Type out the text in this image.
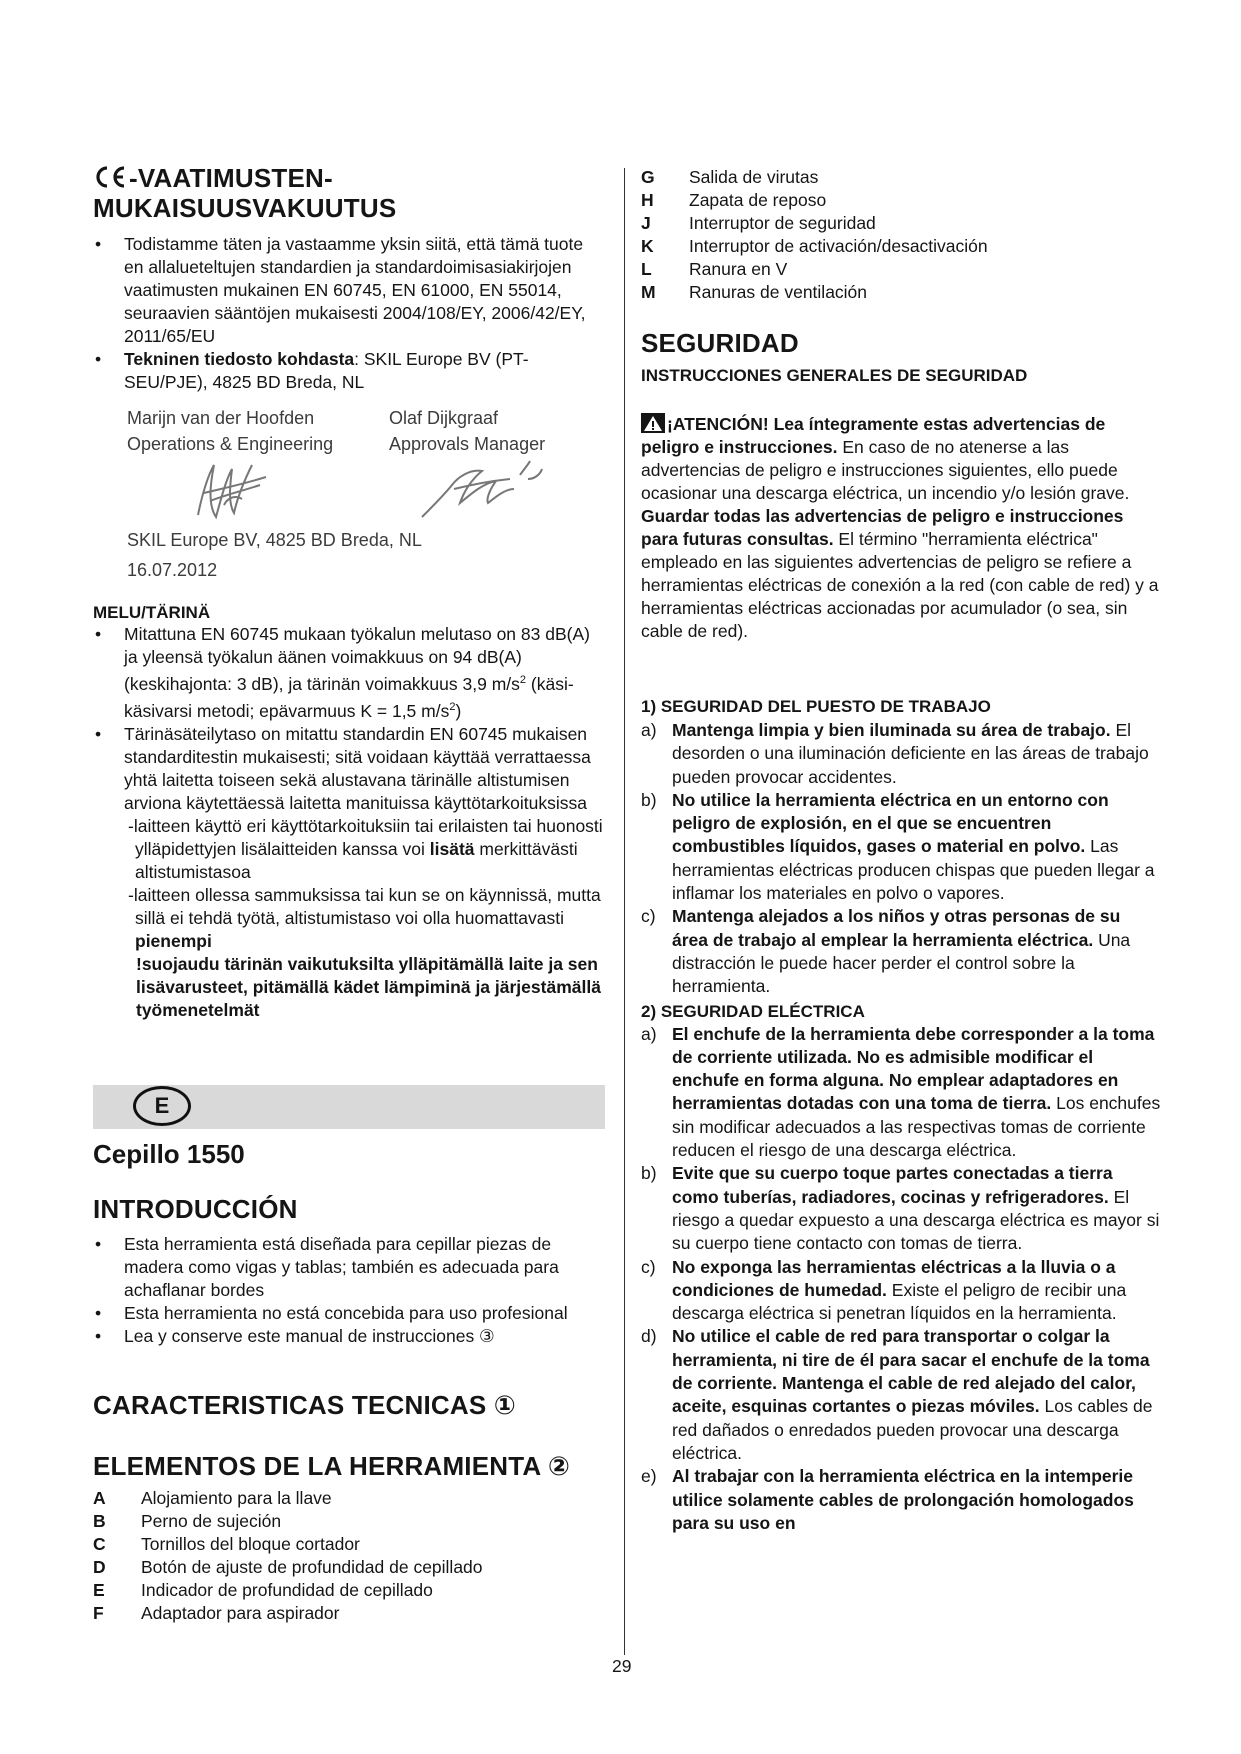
-VAATIMUSTEN-
MUKAISUUSVAKUUTUS
• Todistamme täten ja vastaamme yksin siitä, että tämä tuote en allalueteltujen standardien ja standardoimisasiakirjojen vaatimusten mukainen EN 60745, EN 61000, EN 55014, seuraavien sääntöjen mukaisesti 2004/108/EY, 2006/42/EY, 2011/65/EU
• Tekninen tiedosto kohdasta: SKIL Europe BV (PT-SEU/PJE), 4825 BD Breda, NL
Marijn van der Hoofden
Operations & Engineering
Olaf Dijkgraaf
Approvals Manager
SKIL Europe BV, 4825 BD Breda, NL
16.07.2012
MELU/TÄRINÄ
• Mitattuna EN 60745 mukaan työkalun melutaso on 83 dB(A) ja yleensä työkalun äänen voimakkuus on 94 dB(A) (keskihajonta: 3 dB), ja tärinän voimakkuus 3,9 $m/s^2$ (käsi-käsivarsi metodi; epävarmuus K = 1,5 $m/s^2$)
• Tärinäsäteilytaso on mitattu standardin EN 60745 mukaisen standarditestin mukaisesti; sitä voidaan käyttää verrattaessa yhtä laitetta toiseen sekä alustavana tärinälle altistumisen arviona käytettäessä laitetta manituissa käyttötarkoituksissa
-laitteen käyttö eri käyttötarkoituksiin tai erilaisten tai huonosti ylläpidettyjen lisälaitteiden kanssa voi lisätä merkittävästi altistumistasoa
-laitteen ollessa sammuksissa tai kun se on käynnissä, mutta sillä ei tehdä työtä, altistumistaso voi olla huomattavasti pienempi
!suojaudu tärinän vaikutuksilta ylläpitämällä laite ja sen lisävarusteet, pitämällä kädet lämpiminä ja järjestämällä työmenetelmät
E
Cepillo 1550
INTRODUCCIÓN
• Esta herramienta está diseñada para cepillar piezas de madera como vigas y tablas; también es adecuada para achaflanar bordes
• Esta herramienta no está concebida para uso profesional
• Lea y conserve este manual de instrucciones ③
CARACTERISTICAS TECNICAS ①
ELEMENTOS DE LA HERRAMIENTA ②
A	Alojamiento para la llave
B	Perno de sujeción
C	Tornillos del bloque cortador
D	Botón de ajuste de profundidad de cepillado
E	Indicador de profundidad de cepillado
F	Adaptador para aspirador
G	Salida de virutas
H	Zapata de reposo
J	Interruptor de seguridad
K	Interruptor de activación/desactivación
L	Ranura en V
M	Ranuras de ventilación
SEGURIDAD
INSTRUCCIONES GENERALES DE SEGURIDAD
¡ATENCIÓN! Lea íntegramente estas advertencias de peligro e instrucciones. En caso de no atenerse a las advertencias de peligro e instrucciones siguientes, ello puede ocasionar una descarga eléctrica, un incendio y/o lesión grave. Guardar todas las advertencias de peligro e instrucciones para futuras consultas. El término "herramienta eléctrica" empleado en las siguientes advertencias de peligro se refiere a herramientas eléctricas de conexión a la red (con cable de red) y a herramientas eléctricas accionadas por acumulador (o sea, sin cable de red).
1) SEGURIDAD DEL PUESTO DE TRABAJO
a) Mantenga limpia y bien iluminada su área de trabajo. El desorden o una iluminación deficiente en las áreas de trabajo pueden provocar accidentes.
b) No utilice la herramienta eléctrica en un entorno con peligro de explosión, en el que se encuentren combustibles líquidos, gases o material en polvo. Las herramientas eléctricas producen chispas que pueden llegar a inflamar los materiales en polvo o vapores.
c) Mantenga alejados a los niños y otras personas de su área de trabajo al emplear la herramienta eléctrica. Una distracción le puede hacer perder el control sobre la herramienta.
2) SEGURIDAD ELÉCTRICA
a) El enchufe de la herramienta debe corresponder a la toma de corriente utilizada. No es admisible modificar el enchufe en forma alguna. No emplear adaptadores en herramientas dotadas con una toma de tierra. Los enchufes sin modificar adecuados a las respectivas tomas de corriente reducen el riesgo de una descarga eléctrica.
b) Evite que su cuerpo toque partes conectadas a tierra como tuberías, radiadores, cocinas y refrigeradores. El riesgo a quedar expuesto a una descarga eléctrica es mayor si su cuerpo tiene contacto con tomas de tierra.
c) No exponga las herramientas eléctricas a la lluvia o a condiciones de humedad. Existe el peligro de recibir una descarga eléctrica si penetran líquidos en la herramienta.
d) No utilice el cable de red para transportar o colgar la herramienta, ni tire de él para sacar el enchufe de la toma de corriente. Mantenga el cable de red alejado del calor, aceite, esquinas cortantes o piezas móviles. Los cables de red dañados o enredados pueden provocar una descarga eléctrica.
e) Al trabajar con la herramienta eléctrica en la intemperie utilice solamente cables de prolongación homologados para su uso en
29
